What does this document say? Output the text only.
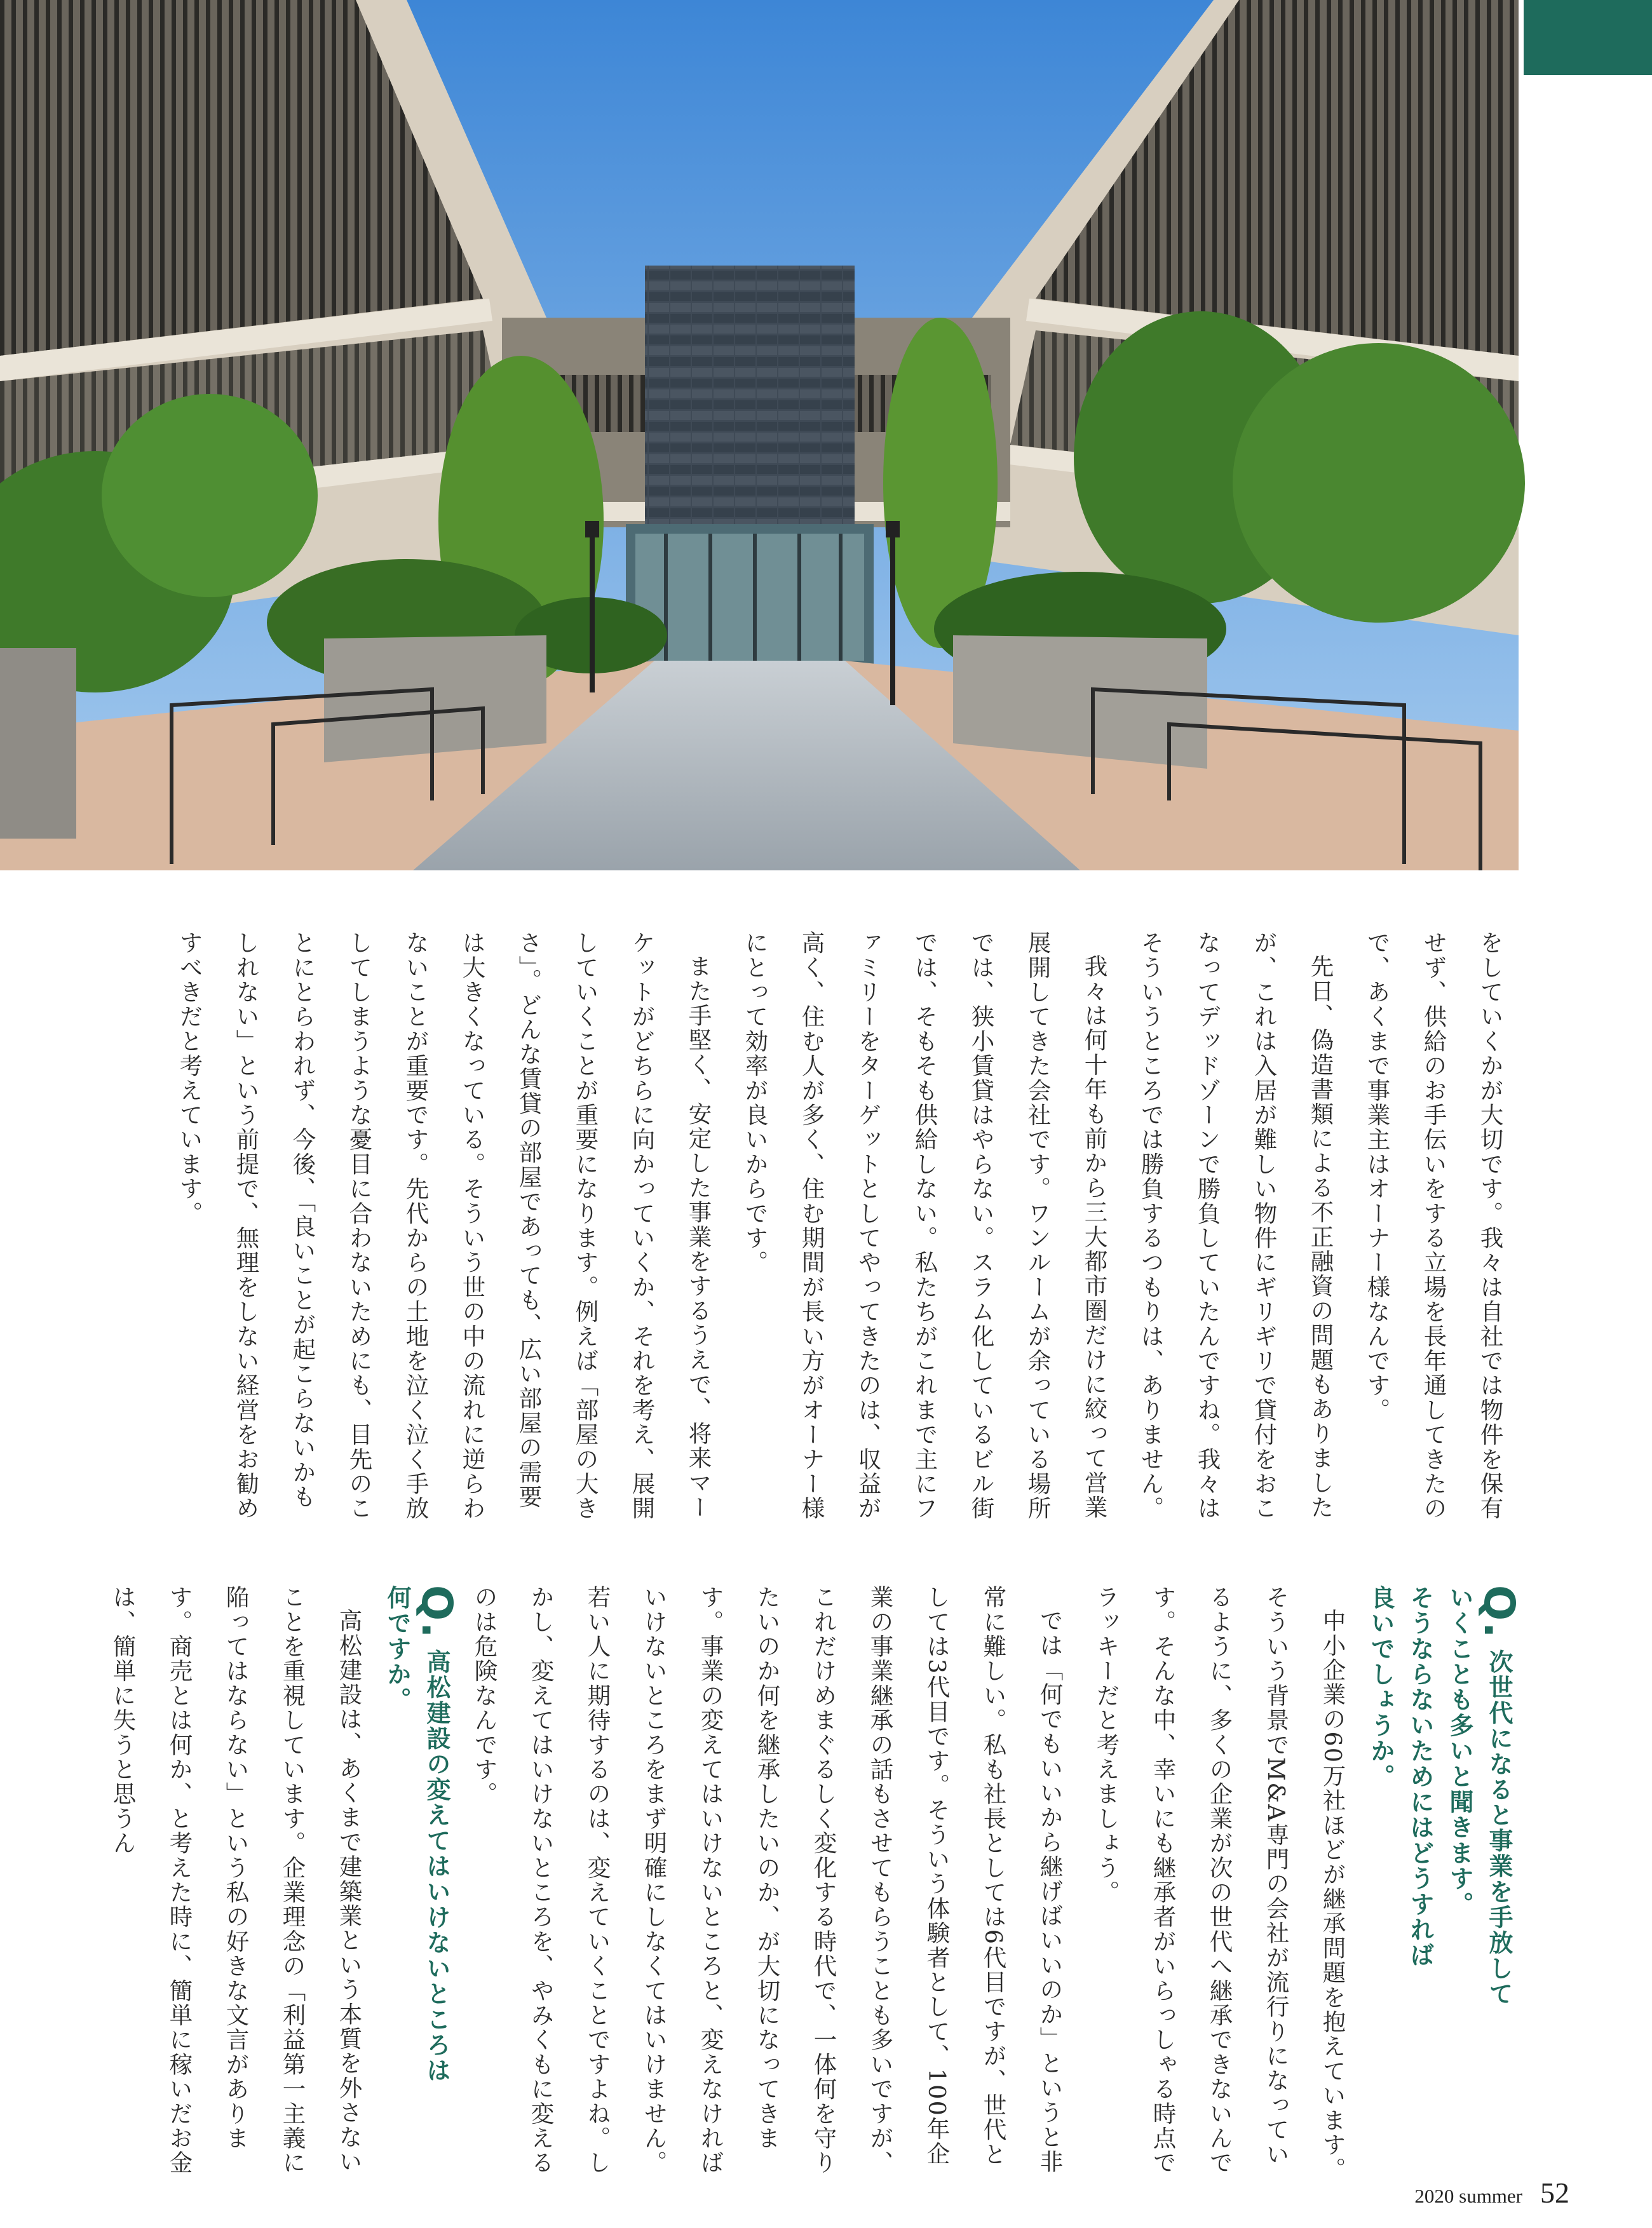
をしていくかが大切です。我々は自社では物件を保有せず、供給のお手伝いをする立場を長年通してきたので、あくまで事業主はオーナー様なんです。

先日、偽造書類による不正融資の問題もありましたが、これは入居が難しい物件にギリギリで貸付をおこなってデッドゾーンで勝負していたんですね。我々はそういうところでは勝負するつもりは、ありません。

我々は何十年も前から三大都市圏だけに絞って営業展開してきた会社です。ワンルームが余っている場所では、狭小賃貸はやらない。スラム化しているビル街では、そもそも供給しない。私たちがこれまで主にファミリーをターゲットとしてやってきたのは、収益が高く、住む人が多く、住む期間が長い方がオーナー様にとって効率が良いからです。

また手堅く、安定した事業をするうえで、将来マーケットがどちらに向かっていくか、それを考え、展開していくことが重要になります。例えば「部屋の大きさ」。どんな賃貸の部屋であっても、広い部屋の需要は大きくなっている。そういう世の中の流れに逆らわないことが重要です。先代からの土地を泣く泣く手放してしまうような憂目に合わないためにも、目先のことにとらわれず、今後、「良いことが起こらないかもしれない」という前提で、無理をしない経営をお勧めすべきだと考えています。

Q. 次世代になると事業を手放して
いくことも多いと聞きます。
そうならないためにはどうすれば
良いでしょうか。

中小企業の60万社ほどが継承問題を抱えています。そういう背景でM&A専門の会社が流行りになっているように、多くの企業が次の世代へ継承できないんです。そんな中、幸いにも継承者がいらっしゃる時点でラッキーだと考えましょう。

では「何でもいいから継げばいいのか」というと非常に難しい。私も社長としては6代目ですが、世代としては3代目です。そういう体験者として、100年企業の事業継承の話もさせてもらうことも多いですが、これだけめまぐるしく変化する時代で、一体何を守りたいのか何を継承したいのか、が大切になってきます。事業の変えてはいけないところと、変えなければいけないところをまず明確にしなくてはいけません。若い人に期待するのは、変えていくことですよね。しかし、変えてはいけないところを、やみくもに変えるのは危険なんです。

Q. 高松建設の変えてはいけないところは
何ですか。

高松建設は、あくまで建築業という本質を外さないことを重視しています。企業理念の「利益第一主義に陥ってはならない」という私の好きな文言があります。商売とは何か、と考えた時に、簡単に稼いだお金は、簡単に失うと思うん

2020 summer 52
